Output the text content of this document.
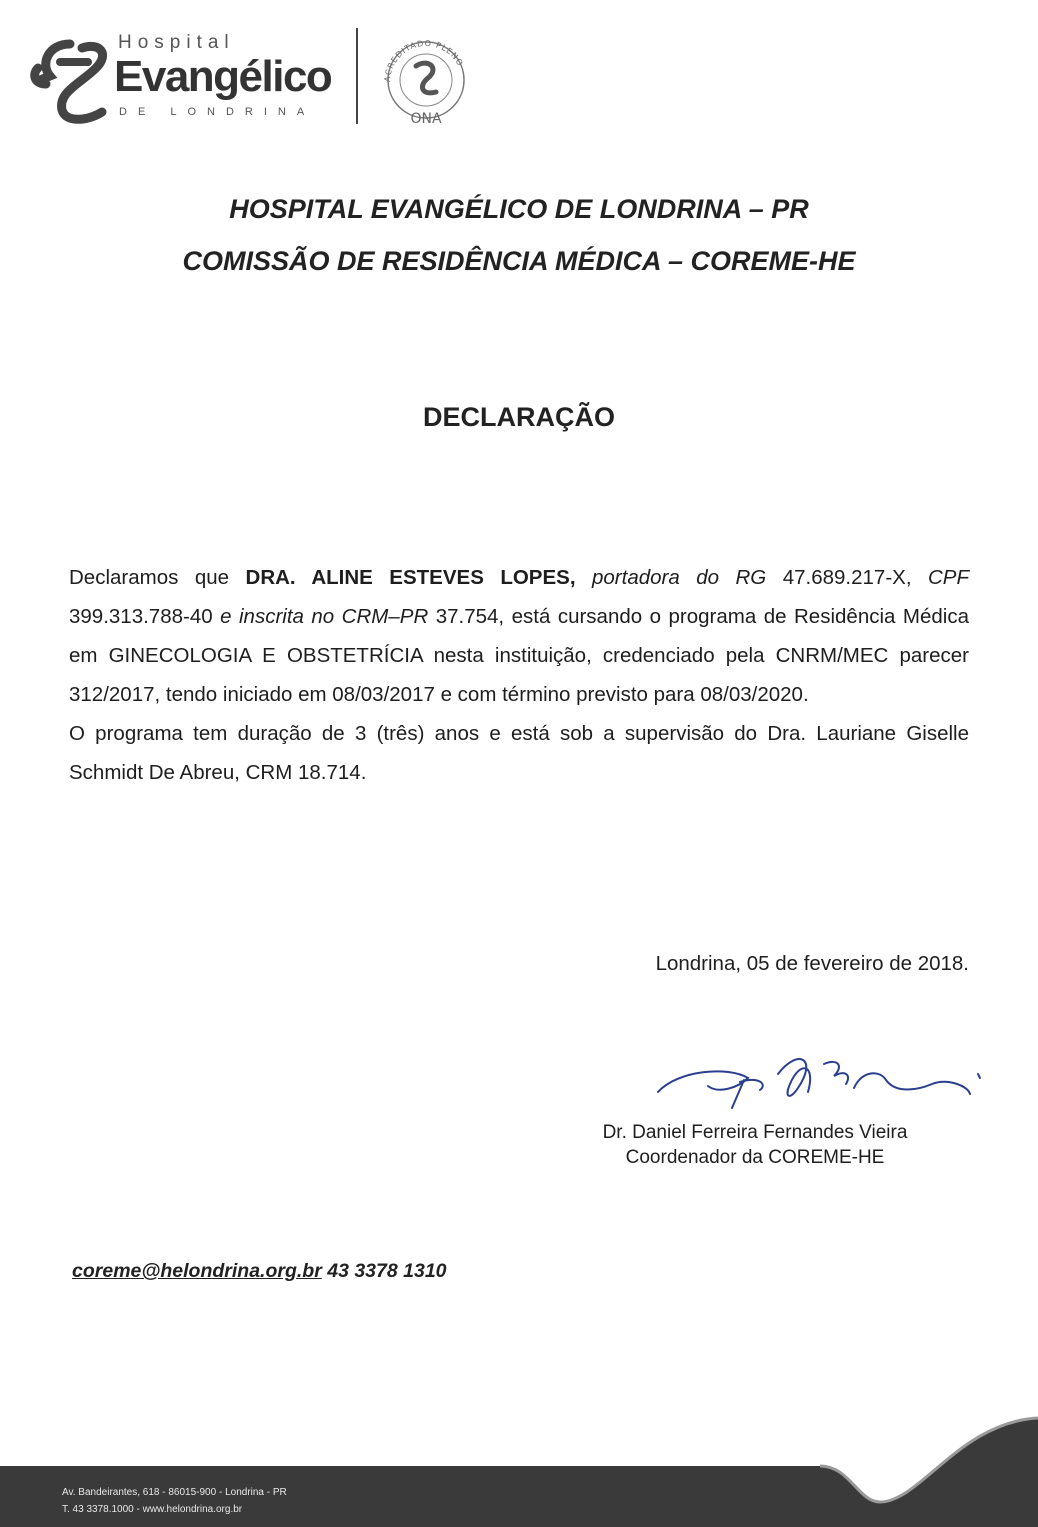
Hospital
Evangélico
DE LONDRINA
ACREDITADO PLENO
ONA
HOSPITAL EVANGÉLICO DE LONDRINA – PR
COMISSÃO DE RESIDÊNCIA MÉDICA – COREME-HE
DECLARAÇÃO

Declaramos que DRA. ALINE ESTEVES LOPES, portadora do RG 47.689.217-X, CPF 399.313.788-40 e inscrita no CRM–PR 37.754, está cursando o programa de Residência Médica em GINECOLOGIA E OBSTETRÍCIA nesta instituição, credenciado pela CNRM/MEC parecer 312/2017, tendo iniciado em 08/03/2017 e com término previsto para 08/03/2020.

O programa tem duração de 3 (três) anos e está sob a supervisão do Dra. Lauriane Giselle Schmidt De Abreu, CRM 18.714.

Londrina, 05 de fevereiro de 2018.
Dr. Daniel Ferreira Fernandes Vieira
Coordenador da COREME-HE
coreme@helondrina.org.br 43 3378 1310
Av. Bandeirantes, 618 - 86015-900 - Londrina - PR
T. 43 3378.1000 - www.helondrina.org.br
